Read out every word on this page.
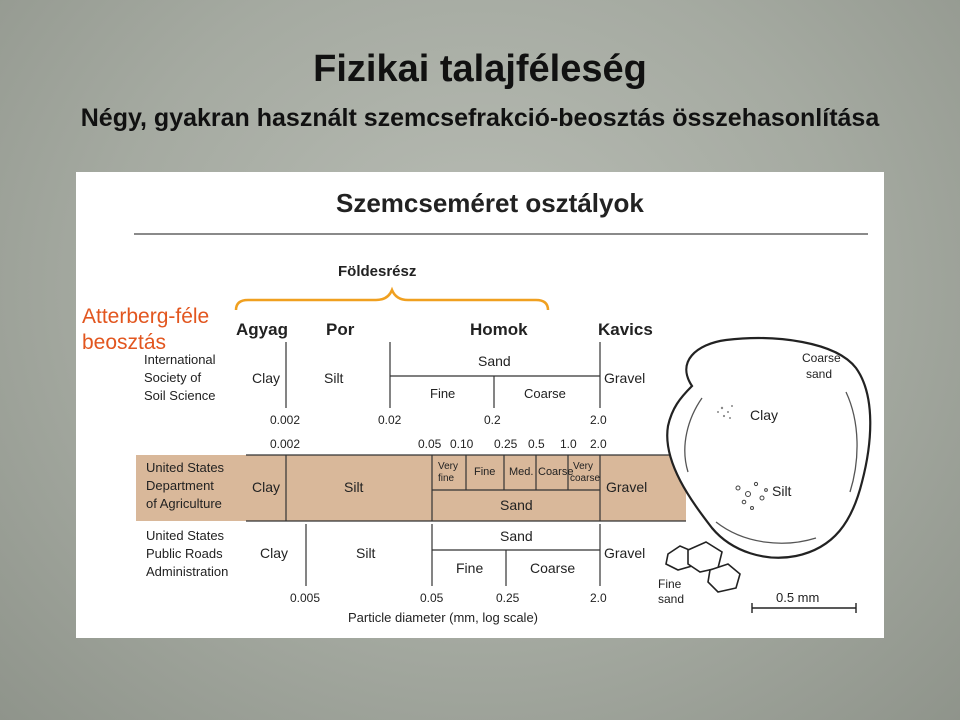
Fizikai talajféleség
Négy, gyakran használt szemcsefrakció-beosztás összehasonlítása
Szemcseméret osztályok
Földesrész
Atterberg-féle
beosztás
Agyag Por	Homok	Kavics
International
Society of
Soil Science
Clay	Silt
Sand
Fine	Coarse
Gravel
0.002	0.02	0.2	2.0
0.002	0.05 0.10 0.25 0.5 1.0 2.0
United States
Department
of Agriculture
Clay	Silt
Very
fine
Fine Med. Coarse Very
coarse
Sand
Gravel
United States
Public Roads
Administration
Clay	Silt
Sand
Fine	Coarse
Gravel
0.005	0.05	0.25	2.0
Particle diameter (mm, log scale)
Coarse
sand
Clay
Silt
Fine
sand	0.5 mm
